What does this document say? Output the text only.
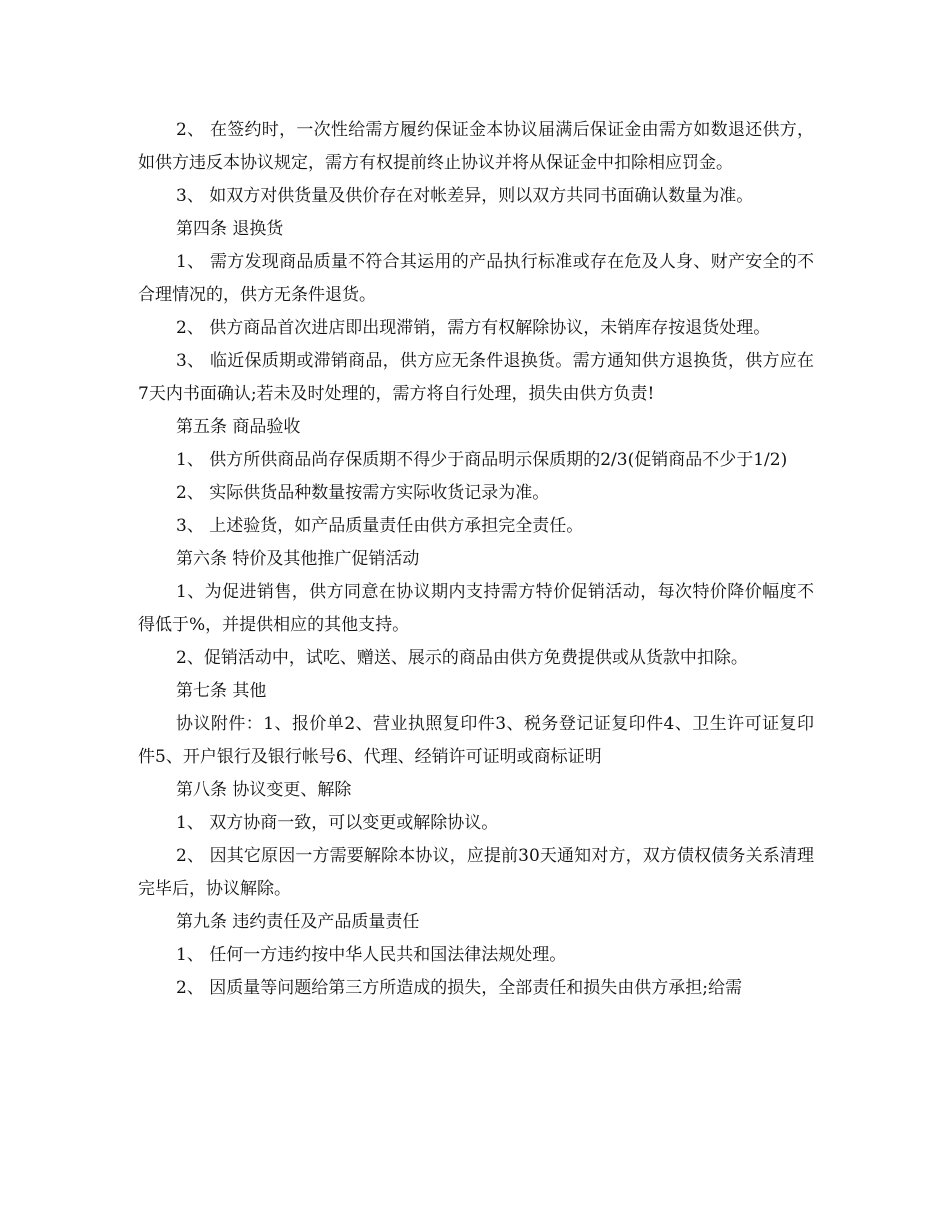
2、 在签约时，一次性给需方履约保证金本协议届满后保证金由需方如数退还供方，如供方违反本协议规定，需方有权提前终止协议并将从保证金中扣除相应罚金。

3、 如双方对供货量及供价存在对帐差异，则以双方共同书面确认数量为准。

第四条 退换货

1、 需方发现商品质量不符合其运用的产品执行标准或存在危及人身、财产安全的不合理情况的，供方无条件退货。

2、 供方商品首次进店即出现滞销，需方有权解除协议，未销库存按退货处理。

3、 临近保质期或滞销商品，供方应无条件退换货。需方通知供方退换货，供方应在7天内书面确认;若未及时处理的，需方将自行处理，损失由供方负责!

第五条 商品验收

1、 供方所供商品尚存保质期不得少于商品明示保质期的2/3(促销商品不少于1/2)

2、 实际供货品种数量按需方实际收货记录为准。

3、 上述验货，如产品质量责任由供方承担完全责任。

第六条 特价及其他推广促销活动

1、为促进销售，供方同意在协议期内支持需方特价促销活动，每次特价降价幅度不得低于%，并提供相应的其他支持。

2、促销活动中，试吃、赠送、展示的商品由供方免费提供或从货款中扣除。

第七条 其他

协议附件：1、报价单2、营业执照复印件3、税务登记证复印件4、卫生许可证复印件5、开户银行及银行帐号6、代理、经销许可证明或商标证明

第八条 协议变更、解除

1、 双方协商一致，可以变更或解除协议。

2、 因其它原因一方需要解除本协议，应提前30天通知对方，双方债权债务关系清理完毕后，协议解除。

第九条 违约责任及产品质量责任

1、 任何一方违约按中华人民共和国法律法规处理。

2、 因质量等问题给第三方所造成的损失，全部责任和损失由供方承担;给需
